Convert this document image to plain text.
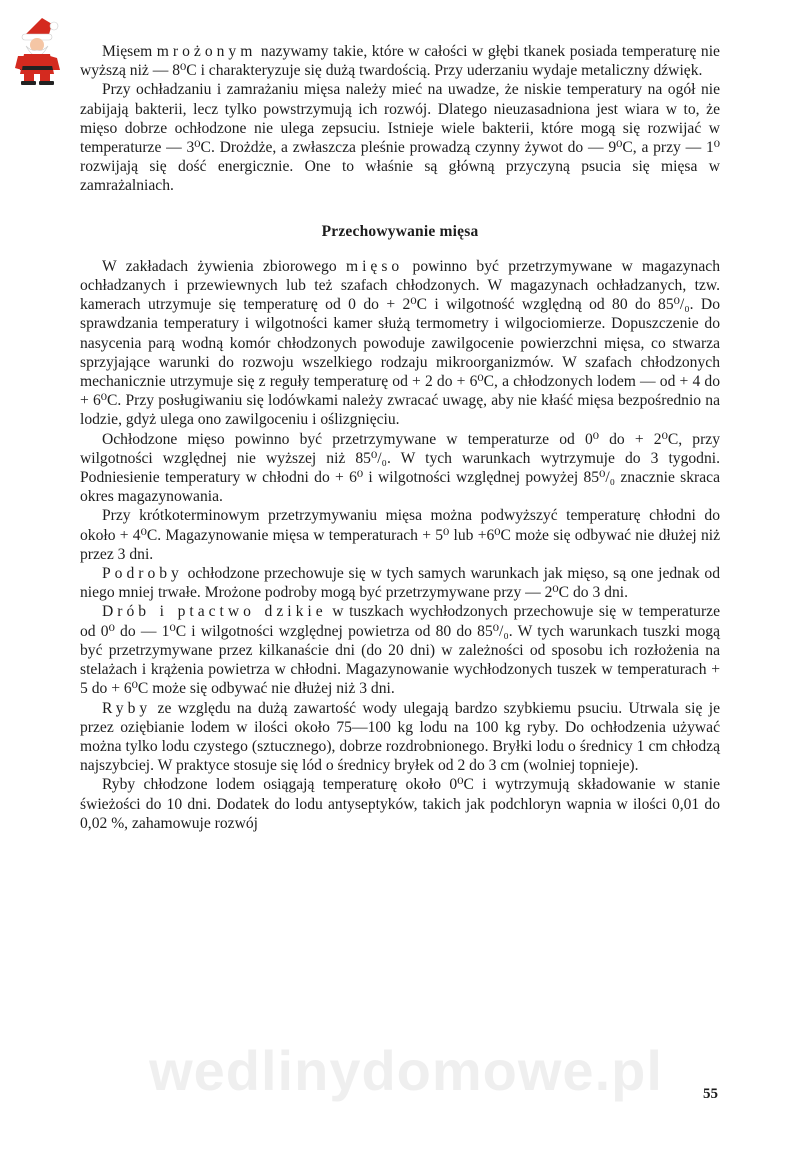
Mięsem mrożonym nazywamy takie, które w całości w głębi tkanek posiada temperaturę nie wyższą niż — 8⁰C i charakteryzuje się dużą twardością. Przy uderzaniu wydaje metaliczny dźwięk.

Przy ochładzaniu i zamrażaniu mięsa należy mieć na uwadze, że niskie temperatury na ogół nie zabijają bakterii, lecz tylko powstrzymują ich rozwój. Dlatego nieuzasadniona jest wiara w to, że mięso dobrze ochłodzone nie ulega zepsuciu. Istnieje wiele bakterii, które mogą się rozwijać w temperaturze — 3⁰C. Drożdże, a zwłaszcza pleśnie prowadzą czynny żywot do — 9⁰C, a przy — 1⁰ rozwijają się dość energicznie. One to właśnie są główną przyczyną psucia się mięsa w zamrażalniach.

Przechowywanie mięsa

W zakładach żywienia zbiorowego mięso powinno być przetrzymywane w magazynach ochładzanych i przewiewnych lub też szafach chłodzonych. W magazynach ochładzanych, tzw. kamerach utrzymuje się temperaturę od 0 do + 2⁰C i wilgotność względną od 80 do 85⁰/₀. Do sprawdzania temperatury i wilgotności kamer służą termometry i wilgociomierze. Dopuszczenie do nasycenia parą wodną komór chłodzonych powoduje zawilgocenie powierzchni mięsa, co stwarza sprzyjające warunki do rozwoju wszelkiego rodzaju mikroorganizmów. W szafach chłodzonych mechanicznie utrzymuje się z reguły temperaturę od + 2 do + 6⁰C, a chłodzonych lodem — od + 4 do + 6⁰C. Przy posługiwaniu się lodówkami należy zwracać uwagę, aby nie kłaść mięsa bezpośrednio na lodzie, gdyż ulega ono zawilgoceniu i oślizgnięciu.

Ochłodzone mięso powinno być przetrzymywane w temperaturze od 0⁰ do + 2⁰C, przy wilgotności względnej nie wyższej niż 85⁰/₀. W tych warunkach wytrzymuje do 3 tygodni. Podniesienie temperatury w chłodni do + 6⁰ i wilgotności względnej powyżej 85⁰/₀ znacznie skraca okres magazynowania.

Przy krótkoterminowym przetrzymywaniu mięsa można podwyższyć temperaturę chłodni do około + 4⁰C. Magazynowanie mięsa w temperaturach + 5⁰ lub +6⁰C może się odbywać nie dłużej niż przez 3 dni.

Podroby ochłodzone przechowuje się w tych samych warunkach jak mięso, są one jednak od niego mniej trwałe. Mrożone podroby mogą być przetrzymywane przy — 2⁰C do 3 dni.

Drób i ptactwo dzikie w tuszkach wychłodzonych przechowuje się w temperaturze od 0⁰ do — 1⁰C i wilgotności względnej powietrza od 80 do 85⁰/₀. W tych warunkach tuszki mogą być przetrzymywane przez kilkanaście dni (do 20 dni) w zależności od sposobu ich rozłożenia na stelażach i krążenia powietrza w chłodni. Magazynowanie wychłodzonych tuszek w temperaturach + 5 do + 6⁰C może się odbywać nie dłużej niż 3 dni.

Ryby ze względu na dużą zawartość wody ulegają bardzo szybkiemu psuciu. Utrwala się je przez oziębianie lodem w ilości około 75—100 kg lodu na 100 kg ryby. Do ochłodzenia używać można tylko lodu czystego (sztucznego), dobrze rozdrobnionego. Bryłki lodu o średnicy 1 cm chłodzą najszybciej. W praktyce stosuje się lód o średnicy bryłek od 2 do 3 cm (wolniej topnieje).

Ryby chłodzone lodem osiągają temperaturę około 0⁰C i wytrzymują składowanie w stanie świeżości do 10 dni. Dodatek do lodu antyseptyków, takich jak podchloryn wapnia w ilości 0,01 do 0,02 %, zahamowuje rozwój

wedlinydomowe.pl	55
